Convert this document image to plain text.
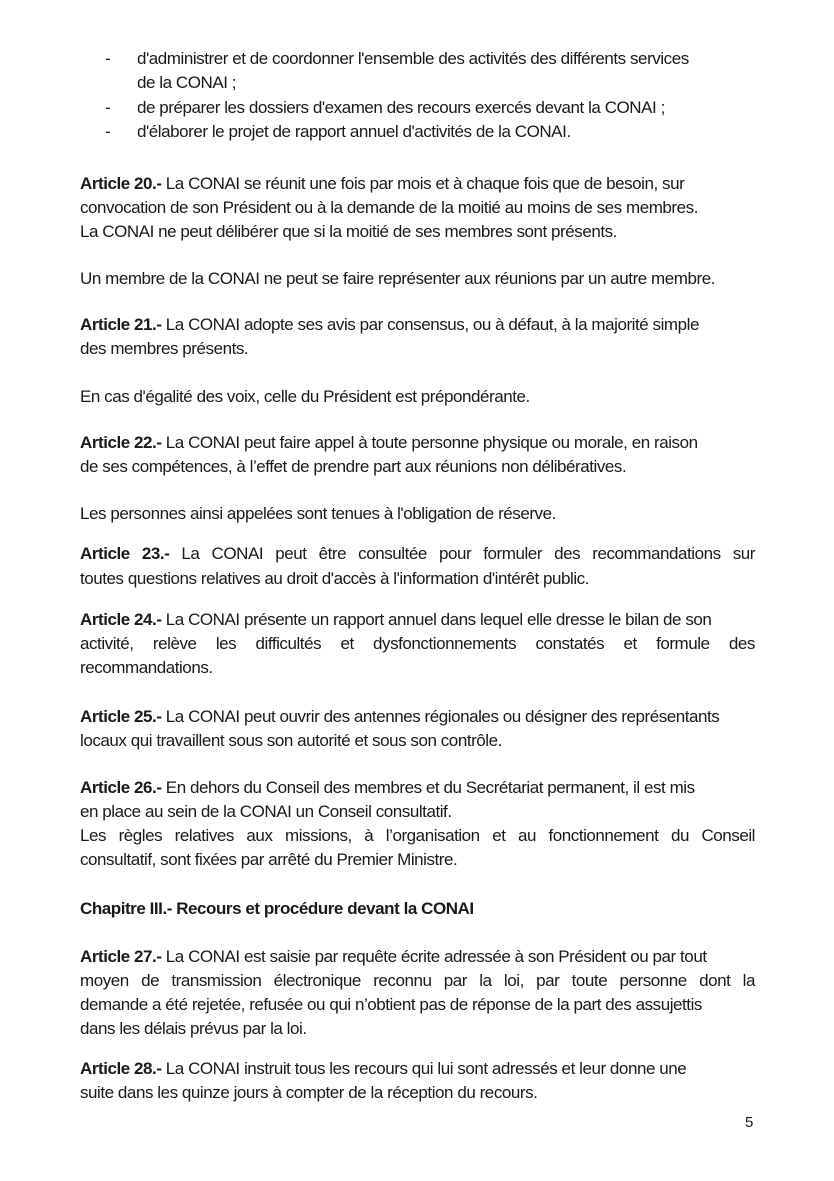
- d'administrer et de coordonner l'ensemble des activités des différents services
de la CONAI ;
- de préparer les dossiers d'examen des recours exercés devant la CONAI ;
- d'élaborer le projet de rapport annuel d'activités de la CONAI.
Article 20.- La CONAI se réunit une fois par mois et à chaque fois que de besoin, sur
convocation de son Président ou à la demande de la moitié au moins de ses membres.
La CONAI ne peut délibérer que si la moitié de ses membres sont présents.
Un membre de la CONAI ne peut se faire représenter aux réunions par un autre membre.
Article 21.- La CONAI adopte ses avis par consensus, ou à défaut, à la majorité simple
des membres présents.
En cas d'égalité des voix, celle du Président est prépondérante.
Article 22.- La CONAI peut faire appel à toute personne physique ou morale, en raison
de ses compétences, à l’effet de prendre part aux réunions non délibératives.
Les personnes ainsi appelées sont tenues à l'obligation de réserve.
Article 23.- La CONAI peut être consultée pour formuler des recommandations sur
toutes questions relatives au droit d'accès à l'information d'intérêt public.
Article 24.- La CONAI présente un rapport annuel dans lequel elle dresse le bilan de son
activité, relève les difficultés et dysfonctionnements constatés et formule des
recommandations.
Article 25.- La CONAI peut ouvrir des antennes régionales ou désigner des représentants
locaux qui travaillent sous son autorité et sous son contrôle.
Article 26.- En dehors du Conseil des membres et du Secrétariat permanent, il est mis
en place au sein de la CONAI un Conseil consultatif.
Les règles relatives aux missions, à l’organisation et au fonctionnement du Conseil
consultatif, sont fixées par arrêté du Premier Ministre.
Chapitre III.- Recours et procédure devant la CONAI
Article 27.- La CONAI est saisie par requête écrite adressée à son Président ou par tout
moyen de transmission électronique reconnu par la loi, par toute personne dont la
demande a été rejetée, refusée ou qui n’obtient pas de réponse de la part des assujettis
dans les délais prévus par la loi.
Article 28.- La CONAI instruit tous les recours qui lui sont adressés et leur donne une
suite dans les quinze jours à compter de la réception du recours.
5
